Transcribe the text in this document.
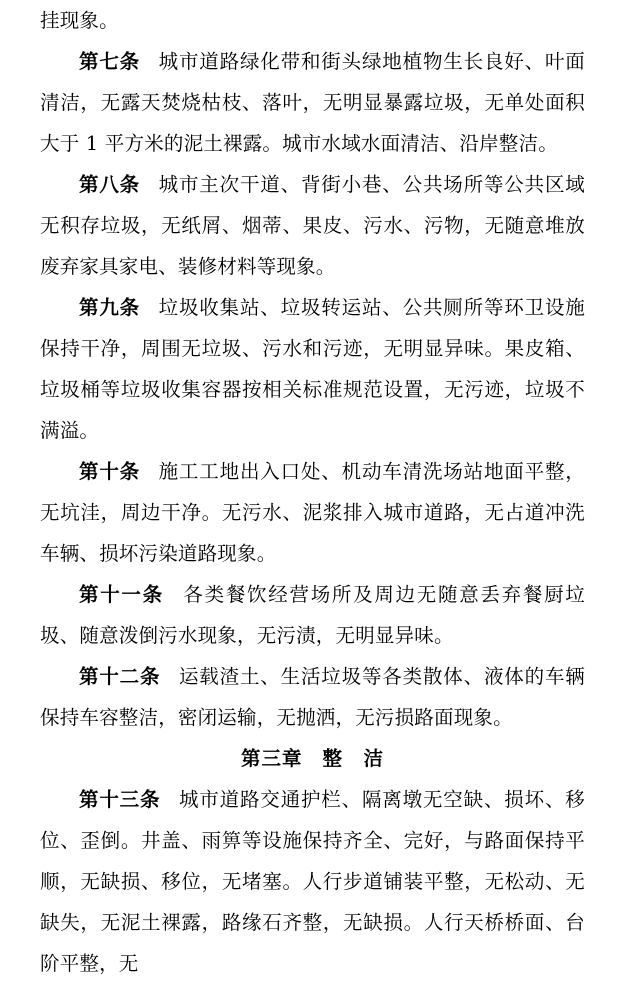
挂现象。

第七条 城市道路绿化带和街头绿地植物生长良好、叶面清洁，无露天焚烧枯枝、落叶，无明显暴露垃圾，无单处面积大于 1 平方米的泥土裸露。城市水域水面清洁、沿岸整洁。

第八条 城市主次干道、背街小巷、公共场所等公共区域无积存垃圾，无纸屑、烟蒂、果皮、污水、污物，无随意堆放废弃家具家电、装修材料等现象。

第九条 垃圾收集站、垃圾转运站、公共厕所等环卫设施保持干净，周围无垃圾、污水和污迹，无明显异味。果皮箱、垃圾桶等垃圾收集容器按相关标准规范设置，无污迹，垃圾不满溢。

第十条 施工工地出入口处、机动车清洗场站地面平整，无坑洼，周边干净。无污水、泥浆排入城市道路，无占道冲洗车辆、损坏污染道路现象。

第十一条 各类餐饮经营场所及周边无随意丢弃餐厨垃圾、随意泼倒污水现象，无污渍，无明显异味。

第十二条 运载渣土、生活垃圾等各类散体、液体的车辆保持车容整洁，密闭运输，无抛洒，无污损路面现象。

第三章 整　洁

第十三条 城市道路交通护栏、隔离墩无空缺、损坏、移位、歪倒。井盖、雨箅等设施保持齐全、完好，与路面保持平顺，无缺损、移位，无堵塞。人行步道铺装平整，无松动、无缺失，无泥土裸露，路缘石齐整，无缺损。人行天桥桥面、台阶平整，无
